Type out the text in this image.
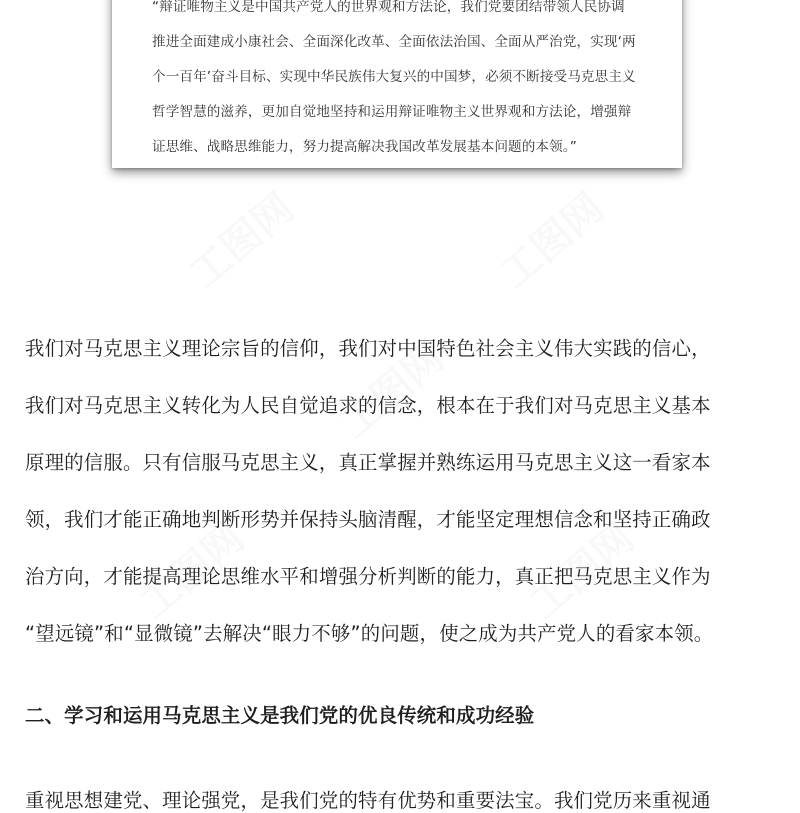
工图网	工图网
工图网
工图网	工图网
“辩证唯物主义是中国共产党人的世界观和方法论，我们党要团结带领人民协调
推进全面建成小康社会、全面深化改革、全面依法治国、全面从严治党，实现‘两
个一百年’奋斗目标、实现中华民族伟大复兴的中国梦，必须不断接受马克思主义
哲学智慧的滋养，更加自觉地坚持和运用辩证唯物主义世界观和方法论，增强辩
证思维、战略思维能力，努力提高解决我国改革发展基本问题的本领。”
我们对马克思主义理论宗旨的信仰，我们对中国特色社会主义伟大实践的信心，
我们对马克思主义转化为人民自觉追求的信念，根本在于我们对马克思主义基本
原理的信服。只有信服马克思主义，真正掌握并熟练运用马克思主义这一看家本
领，我们才能正确地判断形势并保持头脑清醒，才能坚定理想信念和坚持正确政
治方向，才能提高理论思维水平和增强分析判断的能力，真正把马克思主义作为
“望远镜”和“显微镜”去解决“眼力不够”的问题，使之成为共产党人的看家本领。
二、学习和运用马克思主义是我们党的优良传统和成功经验
重视思想建党、理论强党，是我们党的特有优势和重要法宝。我们党历来重视通
